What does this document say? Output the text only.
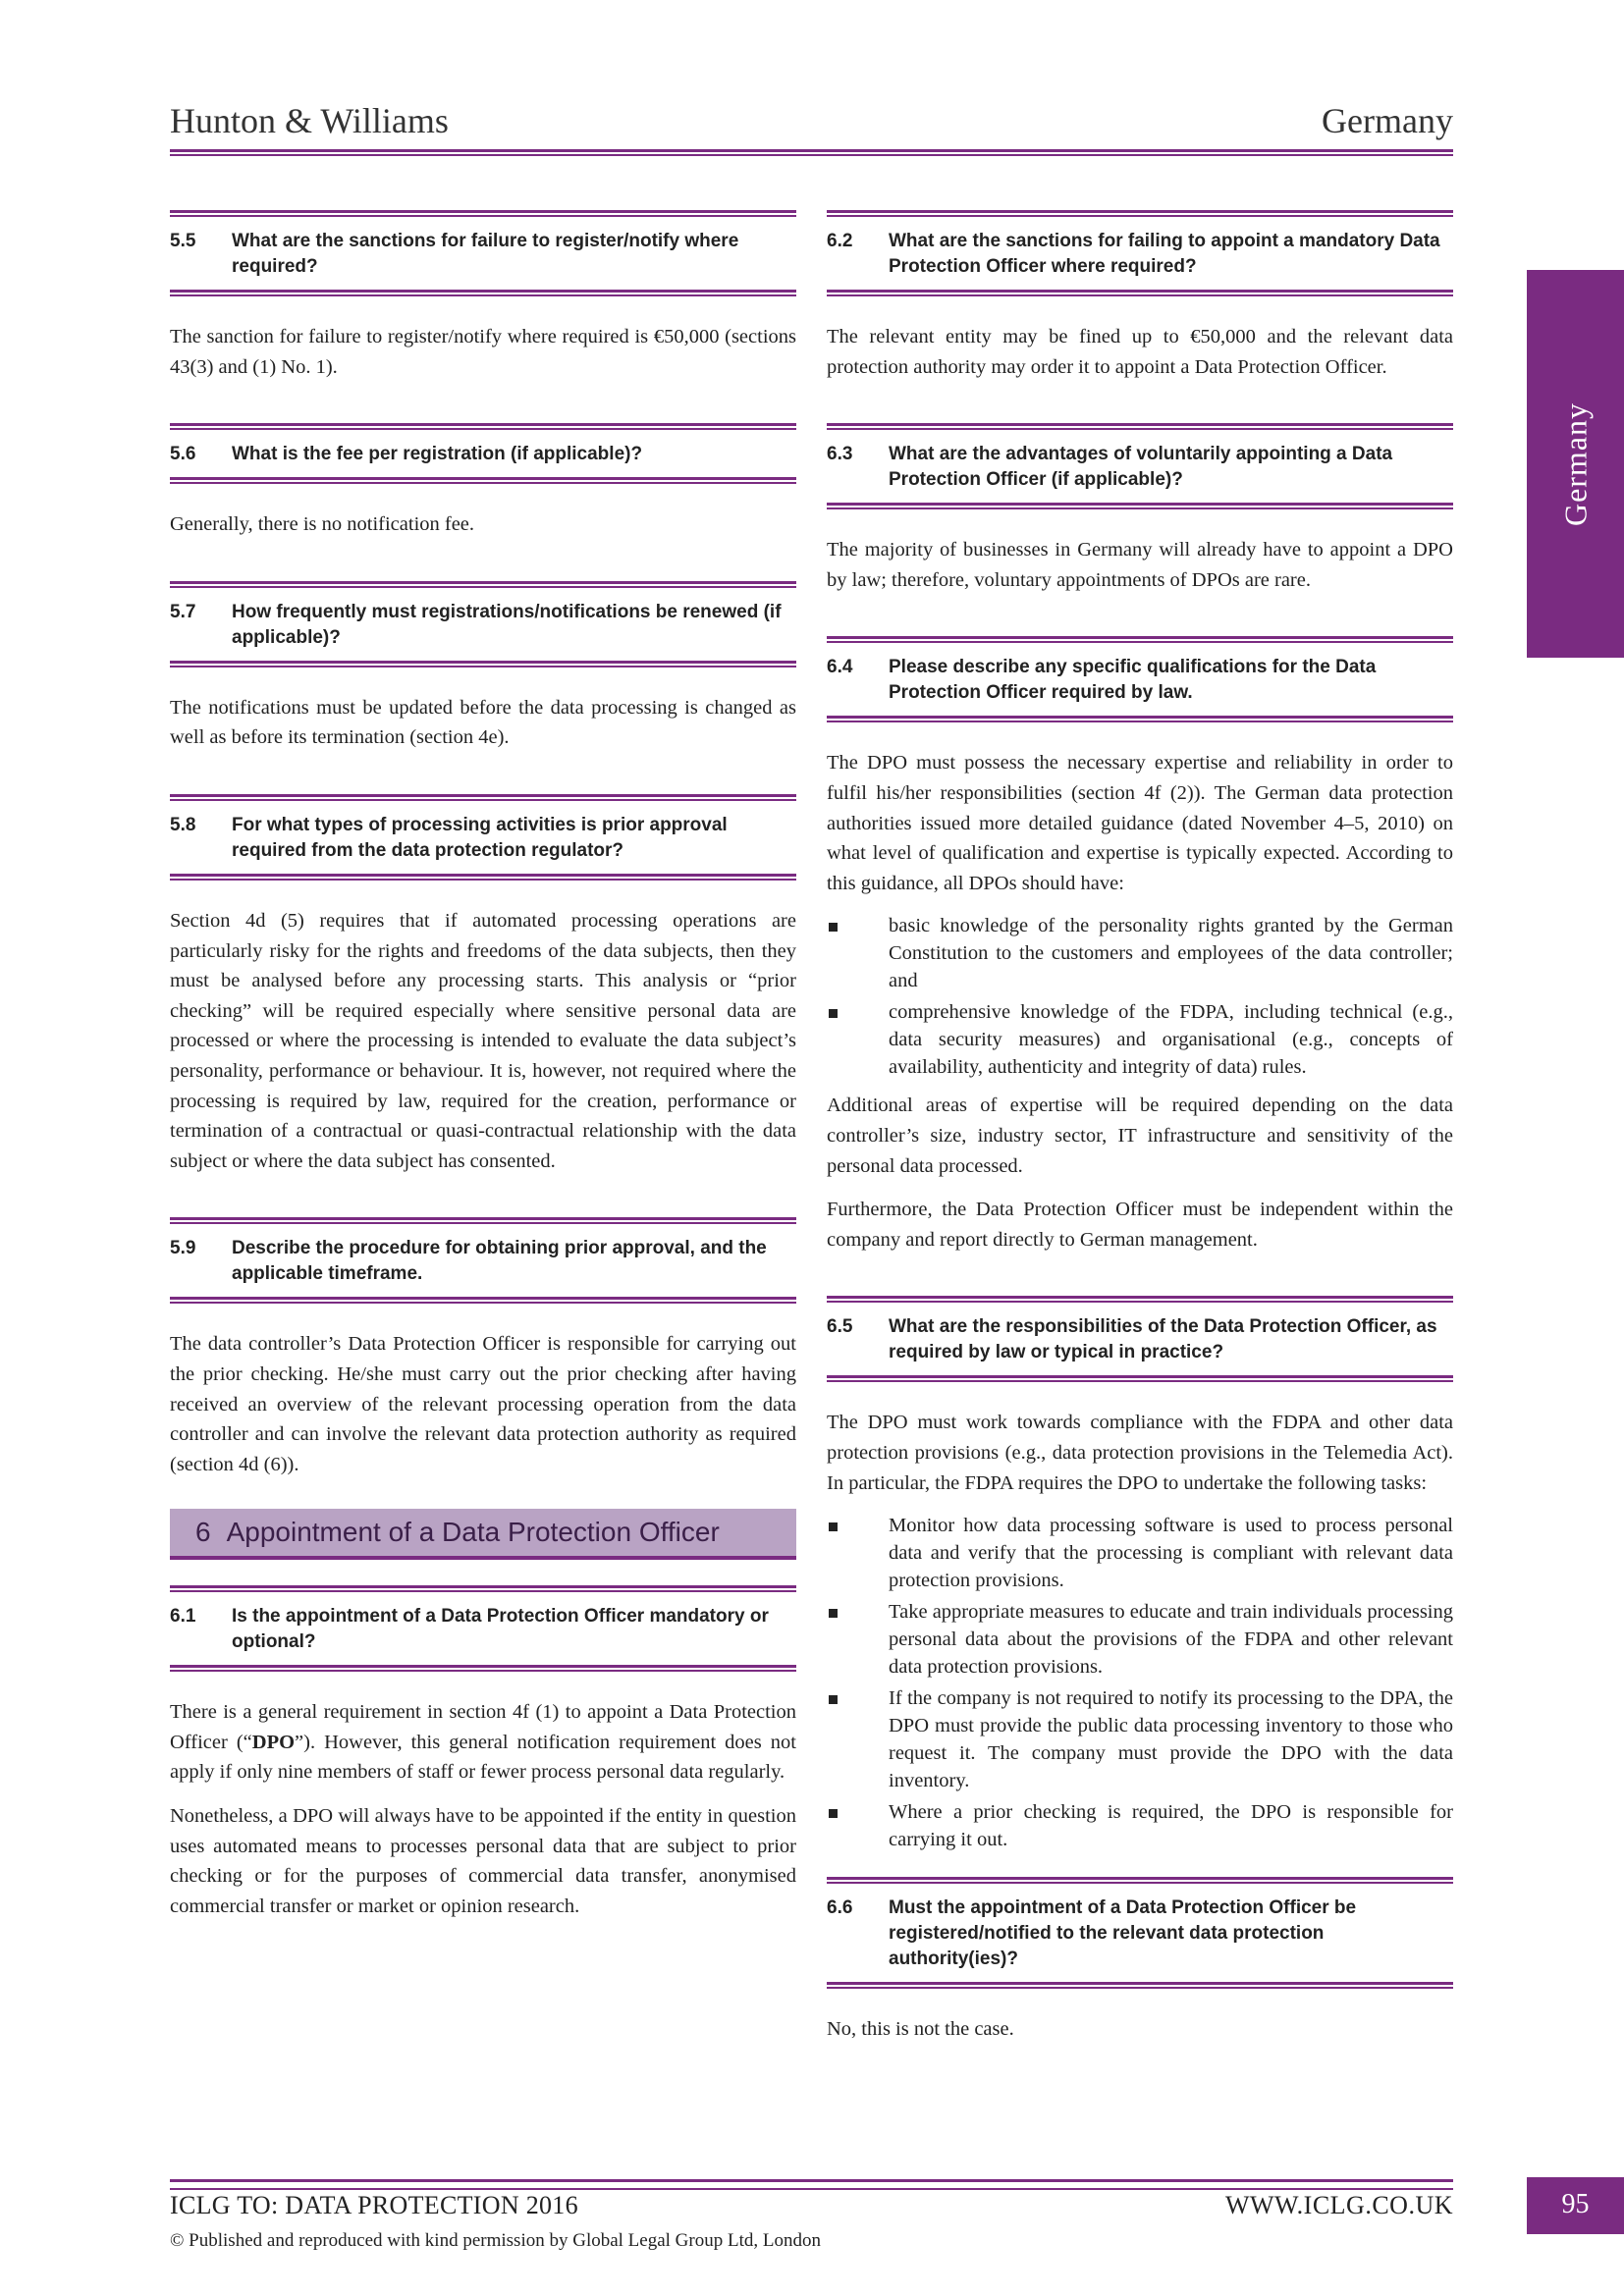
Hunton & Williams	Germany
Germany
5.5	What are the sanctions for failure to register/notify where required?

The sanction for failure to register/notify where required is €50,000 (sections 43(3) and (1) No. 1).

5.6	What is the fee per registration (if applicable)?

Generally, there is no notification fee.

5.7	How frequently must registrations/notifications be renewed (if applicable)?

The notifications must be updated before the data processing is changed as well as before its termination (section 4e).

5.8	For what types of processing activities is prior approval required from the data protection regulator?

Section 4d (5) requires that if automated processing operations are particularly risky for the rights and freedoms of the data subjects, then they must be analysed before any processing starts. This analysis or “prior checking” will be required especially where sensitive personal data are processed or where the processing is intended to evaluate the data subject’s personality, performance or behaviour. It is, however, not required where the processing is required by law, required for the creation, performance or termination of a contractual or quasi-contractual relationship with the data subject or where the data subject has consented.

5.9	Describe the procedure for obtaining prior approval, and the applicable timeframe.

The data controller’s Data Protection Officer is responsible for carrying out the prior checking. He/she must carry out the prior checking after having received an overview of the relevant processing operation from the data controller and can involve the relevant data protection authority as required (section 4d (6)).

6 Appointment of a Data Protection Officer
6.1	Is the appointment of a Data Protection Officer mandatory or optional?

There is a general requirement in section 4f (1) to appoint a Data Protection Officer (“DPO”). However, this general notification requirement does not apply if only nine members of staff or fewer process personal data regularly.

Nonetheless, a DPO will always have to be appointed if the entity in question uses automated means to processes personal data that are subject to prior checking or for the purposes of commercial data transfer, anonymised commercial transfer or market or opinion research.

6.2	What are the sanctions for failing to appoint a mandatory Data Protection Officer where required?

The relevant entity may be fined up to €50,000 and the relevant data protection authority may order it to appoint a Data Protection Officer.

6.3	What are the advantages of voluntarily appointing a Data Protection Officer (if applicable)?

The majority of businesses in Germany will already have to appoint a DPO by law; therefore, voluntary appointments of DPOs are rare.

6.4	Please describe any specific qualifications for the Data Protection Officer required by law.

The DPO must possess the necessary expertise and reliability in order to fulfil his/her responsibilities (section 4f (2)). The German data protection authorities issued more detailed guidance (dated November 4–5, 2010) on what level of qualification and expertise is typically expected. According to this guidance, all DPOs should have:

basic knowledge of the personality rights granted by the German Constitution to the customers and employees of the data controller; and
comprehensive knowledge of the FDPA, including technical (e.g., data security measures) and organisational (e.g., concepts of availability, authenticity and integrity of data) rules.

Additional areas of expertise will be required depending on the data controller’s size, industry sector, IT infrastructure and sensitivity of the personal data processed.

Furthermore, the Data Protection Officer must be independent within the company and report directly to German management.

6.5	What are the responsibilities of the Data Protection Officer, as required by law or typical in practice?

The DPO must work towards compliance with the FDPA and other data protection provisions (e.g., data protection provisions in the Telemedia Act). In particular, the FDPA requires the DPO to undertake the following tasks:

Monitor how data processing software is used to process personal data and verify that the processing is compliant with relevant data protection provisions.
Take appropriate measures to educate and train individuals processing personal data about the provisions of the FDPA and other relevant data protection provisions.
If the company is not required to notify its processing to the DPA, the DPO must provide the public data processing inventory to those who request it. The company must provide the DPO with the data inventory.
Where a prior checking is required, the DPO is responsible for carrying it out.
6.6	Must the appointment of a Data Protection Officer be registered/notified to the relevant data protection authority(ies)?

No, this is not the case.

ICLG TO: DATA PROTECTION 2016	WWW.ICLG.CO.UK
© Published and reproduced with kind permission by Global Legal Group Ltd, London
95
